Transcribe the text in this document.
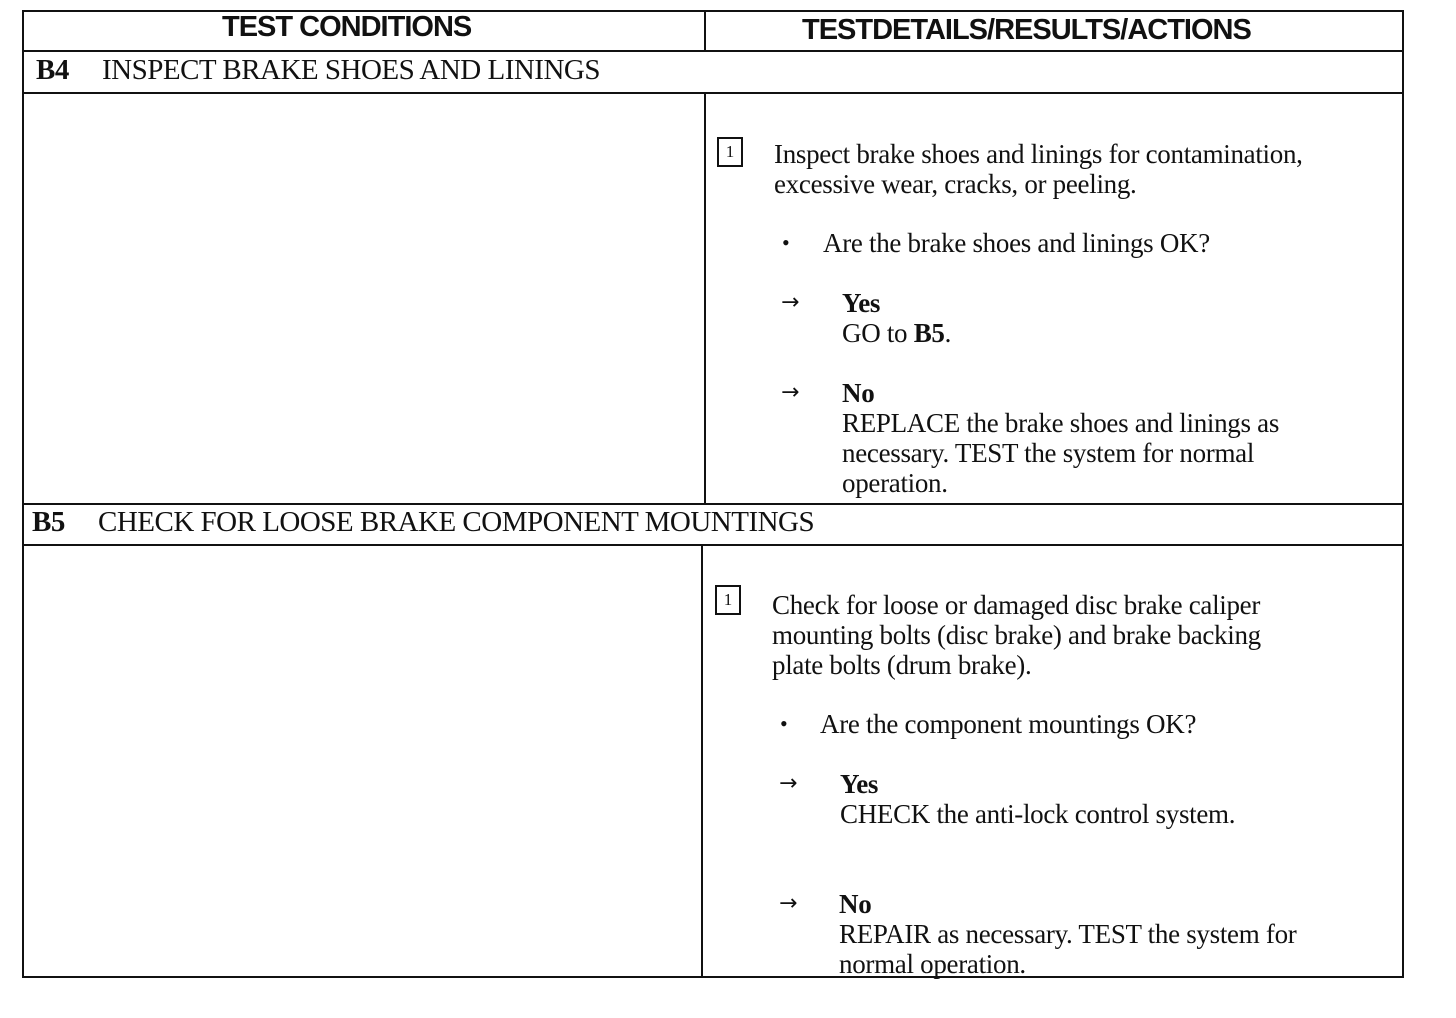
TEST CONDITIONS	TESTDETAILS/RESULTS/ACTIONS
B4 INSPECT BRAKE SHOES AND LININGS
1	Inspect brake shoes and linings for contamination,
excessive wear, cracks, or peeling.
• Are the brake shoes and linings OK?
→ Yes
GO to B5.
→ No
REPLACE the brake shoes and linings as
necessary. TEST the system for normal
operation.
B5 CHECK FOR LOOSE BRAKE COMPONENT MOUNTINGS
1	Check for loose or damaged disc brake caliper
mounting bolts (disc brake) and brake backing
plate bolts (drum brake).
• Are the component mountings OK?
→ Yes
CHECK the anti-lock control system.
→ No
REPAIR as necessary. TEST the system for
normal operation.
